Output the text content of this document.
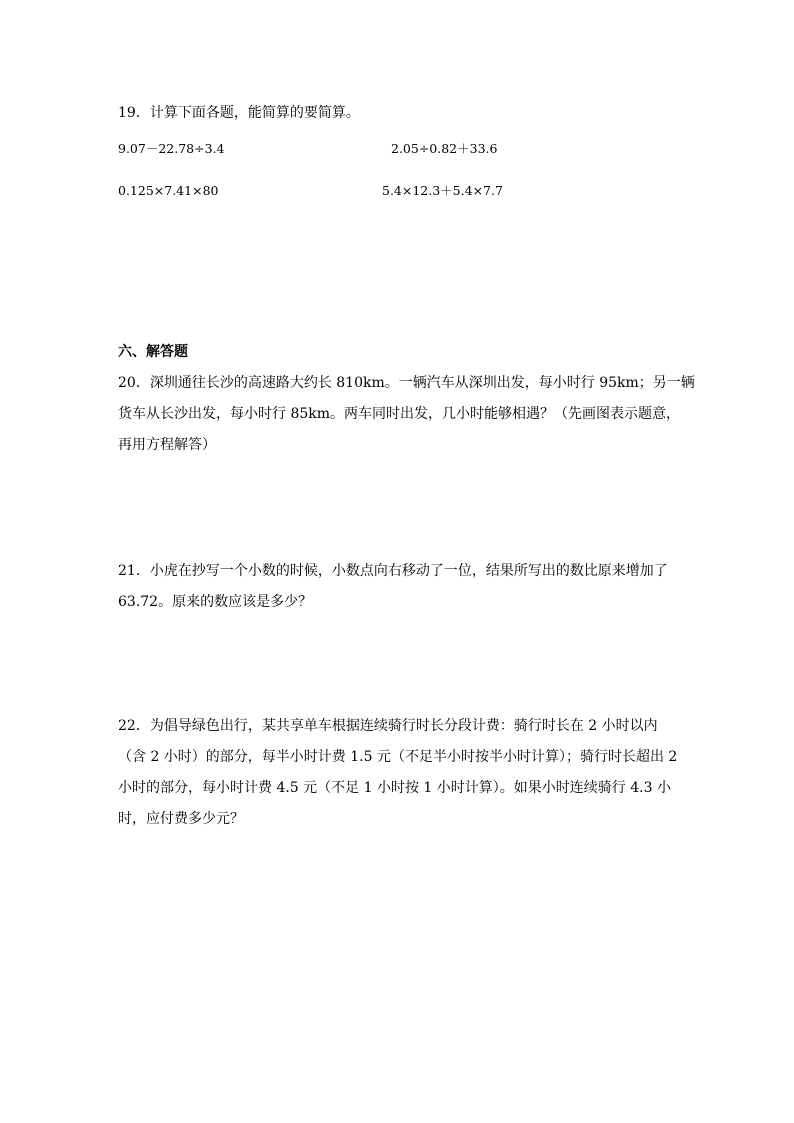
19．计算下面各题，能简算的要简算。
9.07－22.78÷3.4	2.05÷0.82＋33.6
0.125×7.41×80	5.4×12.3＋5.4×7.7
六、解答题
20．深圳通往长沙的高速路大约长 810km。一辆汽车从深圳出发，每小时行 95km；另一辆
货车从长沙出发，每小时行 85km。两车同时出发，几小时能够相遇？（先画图表示题意，
再用方程解答）
21．小虎在抄写一个小数的时候，小数点向右移动了一位，结果所写出的数比原来增加了
63.72。原来的数应该是多少？
22．为倡导绿色出行，某共享单车根据连续骑行时长分段计费：骑行时长在 2 小时以内
（含 2 小时）的部分，每半小时计费 1.5 元（不足半小时按半小时计算）；骑行时长超出 2
小时的部分，每小时计费 4.5 元（不足 1 小时按 1 小时计算）。如果小时连续骑行 4.3 小
时，应付费多少元？
